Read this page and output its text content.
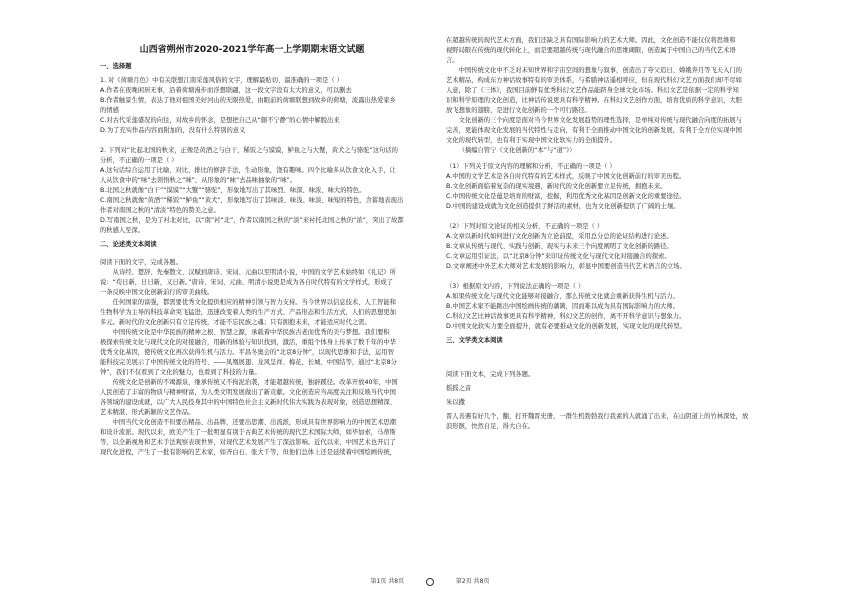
山西省朔州市2020-2021学年高一上学期期末语文试题
一、选择题

1. 对《荷塘月色》中有关联想江南采莲风俗的文字，理解最贴切、最准确的一项是（ ）

A.作者在夜晚闲居无事，沿着荷塘漫步而浮想联翩，这一段文字没有太大的意义，可以删去

B.作者触景生情，表达了他对祖国美好河山的无限热爱，由眼前的荷塘联想到故乡的荷塘，流露出热爱家乡

的情感

C.对古代采莲盛况的向往，对故乡的怀念，是想把自己从“颇不宁静”的心情中解脱出来

D.为了充实作品内容而附加的，没有什么特别的意义

2. 下列对“比起北国的秋来，正像是黄酒之与白干，稀饭之与馍馍，鲈鱼之与大蟹，黄犬之与骆驼”这句话的

分析，不正确的一项是（ ）

A.这句话综合运用了比喻、对比、排比的修辞手法，生动形象，饶有趣味。四个比喻多从饮食文化入手，让

人从饮食中的“味”去领悟秋之“味”，从形象的“味”去品味抽象的“味”。

B.北国之秋就像“白干”“馍馍”“大蟹”“骆驼”，形象地写出了其味烈、味深、味浓、味大的特色。

C.南国之秋就像“黄酒”“稀饭”“鲈鱼”“黄犬”，形象地写出了其味淡、味浅、味淡、味短的特色，含蓄地表现出

作者对南国之秋的“清淡”特色的赞美之意。

D.写南国之秋，是为了衬北对比，以“南”衬“北”，作者以南国之秋的“淡”来衬托北国之秋的“浓”，突出了故都

的秋感人至深。

二、论述类文本阅读

阅读下面的文字，完成各题。

从诗经、楚辞、先秦散文、汉赋到唐诗、宋词、元曲以至明清小说，中国的文学艺术始终如《礼记》所

说：“苟日新，日日新，又日新。”唐诗、宋词、元曲、明清小说更是成为各自时代特有的文学样式，形成了

一条反映中国文化创新前行的审美曲线。

任何国家的富强，都需要优秀文化提供相应的精神引领与智力支持。当今世界以信息技术、人工智能和

生物科学为主导的科技革命突飞猛进，迅速改变着人类的生产方式、产品形态和生活方式，人们的思想更加

多元。新时代的文化创新只有立足传统，才能不忘民族之魂；只有拥抱未来，才能适应时代之需。

中国传统文化是中华民族的精神之根、智慧之源，承载着中华民族古老而优秀的美与梦想。我们要积

极探索传统文化与现代文化的对接融合，用新的体验与知识找到，激活，重组个体身上传承了数千年的中华

优秀文化基因，使传统文化再次获得生机与活力。平昌冬奥会的“北京8分钟”，以现代思维和手法，运用智

能科技完美展示了中国传统文化的符号、——凤凰展翅、龙风呈祥、梅花、长城、中国结等，通过“北京8分

钟”，我们不仅看到了文化的魅力，也看到了科技的力量。

传统文化是创新的不竭源泉，继承传统又不拘泥治袭，才能超越传统，独辟蹊径。改革开放40年，中国

人民创造了丰富的物质与精神财富，为人类文明发展做出了新贡献。文化创造应当高度关注和反映当代中国

各领域的建设成就，以广大人民投身其中的中国特色社会主义新时代伟大实践为表现对象，创造思想精深、

艺术精湛、形式新颖的文艺作品。

中国当代文化创造不但要出精品、出品牌，还要出思潮、出流派，形成具有世界影响力的中国艺术思潮

和设计流派。现代以来，欧美产生了一批明显有别于古典艺术传统的现代艺术国际大师，如毕加索，马蒂斯

等，以全新视角和艺术手法观察表现世界，对现代艺术发展产生了深远影响。近代以来，中国艺术也开启了

现代化进程，产生了一批有影响的艺术家，如齐白石、张大千等，但他们总体上还是延续着中国绘画传统，

在超越传统的现代艺术方面，我们还缺乏具有国际影响力的艺术大师。因此，文化创造不能仅仅将思维和

视野局限在传统的现代转化上，而是要超越传统与现代融合的思维阈限，创造属于中国自己的当代艺术语

言。

中国传统文化中不乏对未知世界和宇宙空间的想象与叙事，创造出了夸父追日、嫦娥奔月等飞天入门的

艺术精品，构成东方神话故事特有的审美体系，与希腊神话遥相呼应，但在现代科幻文艺方面我们却不尽如

人意，除了《三体》，我国目前鲜有优秀科幻文艺作品能跻身全球文化市场。科幻文艺是依据一定的科学知

识和科学原理的文化创造，比神话传说更具有科学精神。在科幻文艺创作方面，培育优质的科学意识，大胆

放飞想象的翅膀，是进行文化创新的一个可行路径。

文化创新的三个向度是面对当今世界文化发展趋势的理性选择，是单纯对传统与现代融合向度的拓展与

完善，更能体现文化发展的当代特性与走向，有利于全面推动中国文化的创新发展，有利于全方位实现中国

文化的现代转型，也有利于实现中国文化软实力的全面提升。

（摘编自管宁《文化创新的“本”与“道”》）

（1）下列关于原文内容的理解和分析，不正确的一项是（ ）

A.中国的文学艺术是各自时代特有的艺术样式，反映了中国文化创新前行的审美历程。

B.文化创新面临着复杂的现实境遇，新时代的文化创新要立足传统，拥抱未来。

C.中国传统文化是蕴是培育的财富，挖掘，利用优秀文化基因是创新文化的重要途径。

D.中国的建设成就为文化创造提供了鲜活的素材，也为文化创新提供了广阔的土壤。

（2）下列对原文论证的相关分析，不正确的一项是（ ）

A.文章以新时代如何进行文化创新为立论前提，采用总分总的论证结构进行论述。

B.文章从传统与现代、实践与创新、现实与未来三个向度阐明了文化创新的路径。

C.文章运用引证法，以“北京8分钟”来印证传统文化与现代文化对接融合的探索。

D.文章阐述中外艺术大师对艺术发展的影响力，彰显中国要创造当代艺术语言的立场。

（3）根据原文内容，下列说法正确的一项是（ ）

A.如果传统文化与现代文化能够对接融合，那么传统文化就会重新获得生机与活力。

B.中国艺术家不能跳出中国绘画传统的藩篱，因而难以成为具有国际影响力的大师。

C.科幻文艺比神话故事更具有科学精神，科幻文艺的创作，离不开科学意识与想象力。

D.中国文化软实力要全面提升，就有必要推动文化的创新发展，实现文化的现代转型。

三、文学类文本阅读

阅读下面文本，完成下列各题。

摇摇之音

朱以撒

晋人善遇有好几个，翻，打开魏晋史册，一群生机勃勃我行我素的人就涌了出来，在山阴道上的竹林深处，放

浪形骸，快然自足，得大自在。

第1页 共8页	第2页 共8页
